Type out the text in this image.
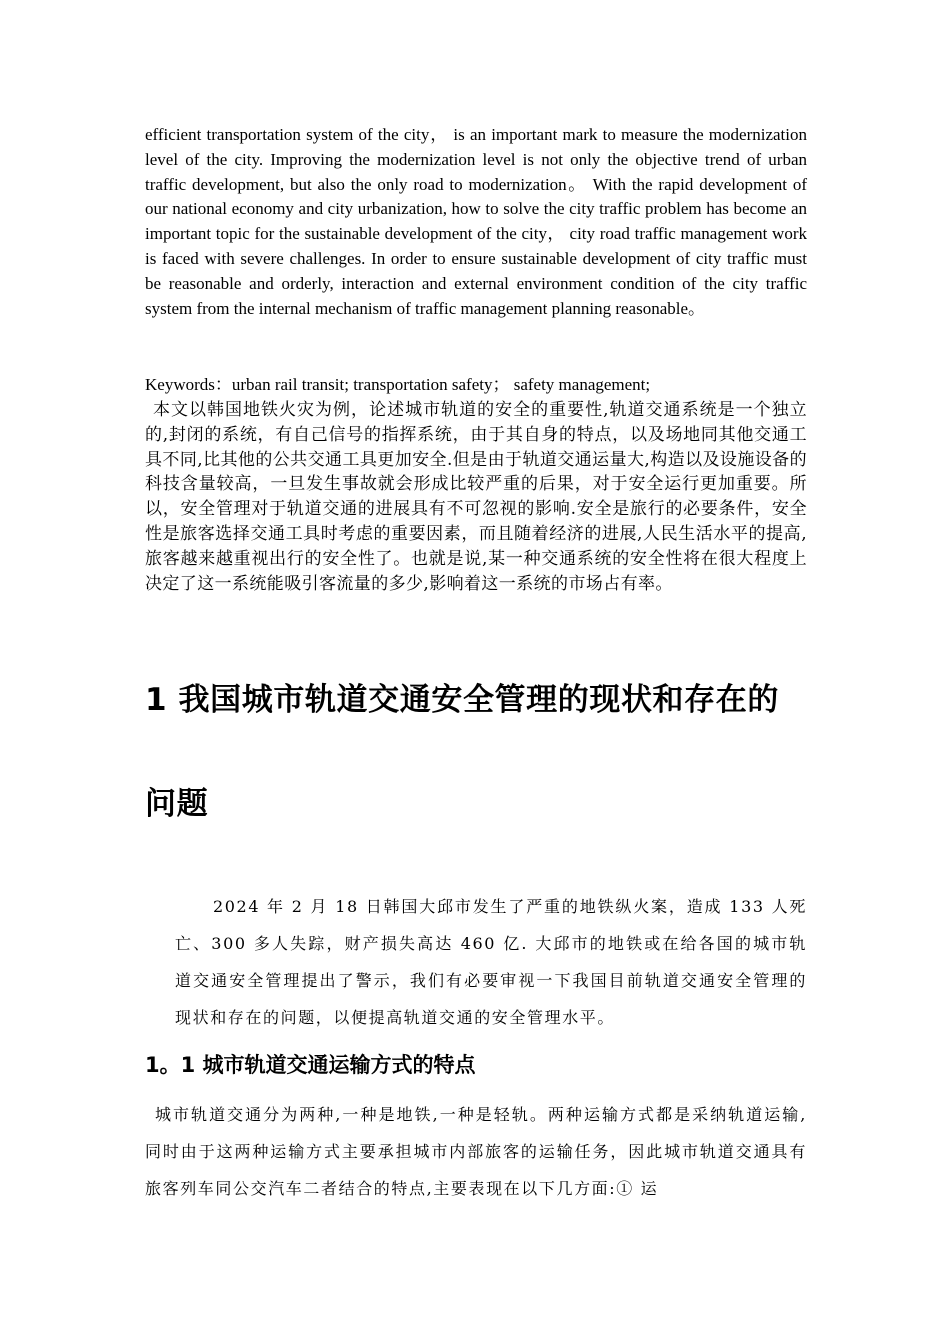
efficient transportation system of the city， is an important mark to measure the modernization level of the city. Improving the modernization level is not only the objective trend of urban traffic development, but also the only road to modernization。 With the rapid development of our national economy and city urbanization, how to solve the city traffic problem has become an important topic for the sustainable development of the city， city road traffic management work is faced with severe challenges. In order to ensure sustainable development of city traffic must be reasonable and orderly, interaction and external environment condition of the city traffic system from the internal mechanism of traffic management planning reasonable。

Keywords：urban rail transit; transportation safety； safety management;

本文以韩国地铁火灾为例，论述城市轨道的安全的重要性,轨道交通系统是一个独立的,封闭的系统，有自己信号的指挥系统，由于其自身的特点，以及场地同其他交通工具不同,比其他的公共交通工具更加安全.但是由于轨道交通运量大,构造以及设施设备的科技含量较高，一旦发生事故就会形成比较严重的后果，对于安全运行更加重要。所以，安全管理对于轨道交通的进展具有不可忽视的影响.安全是旅行的必要条件，安全性是旅客选择交通工具时考虑的重要因素，而且随着经济的进展,人民生活水平的提高,旅客越来越重视出行的安全性了。也就是说,某一种交通系统的安全性将在很大程度上决定了这一系统能吸引客流量的多少,影响着这一系统的市场占有率。

1 我国城市轨道交通安全管理的现状和存在的问题

2024 年 2 月 18 日韩国大邱市发生了严重的地铁纵火案，造成 133 人死亡、300 多人失踪，财产损失高达 460 亿. 大邱市的地铁或在给各国的城市轨道交通安全管理提出了警示，我们有必要审视一下我国目前轨道交通安全管理的现状和存在的问题，以便提高轨道交通的安全管理水平。

1。1 城市轨道交通运输方式的特点

城市轨道交通分为两种,一种是地铁,一种是轻轨。两种运输方式都是采纳轨道运输,同时由于这两种运输方式主要承担城市内部旅客的运输任务，因此城市轨道交通具有旅客列车同公交汽车二者结合的特点,主要表现在以下几方面:① 运
